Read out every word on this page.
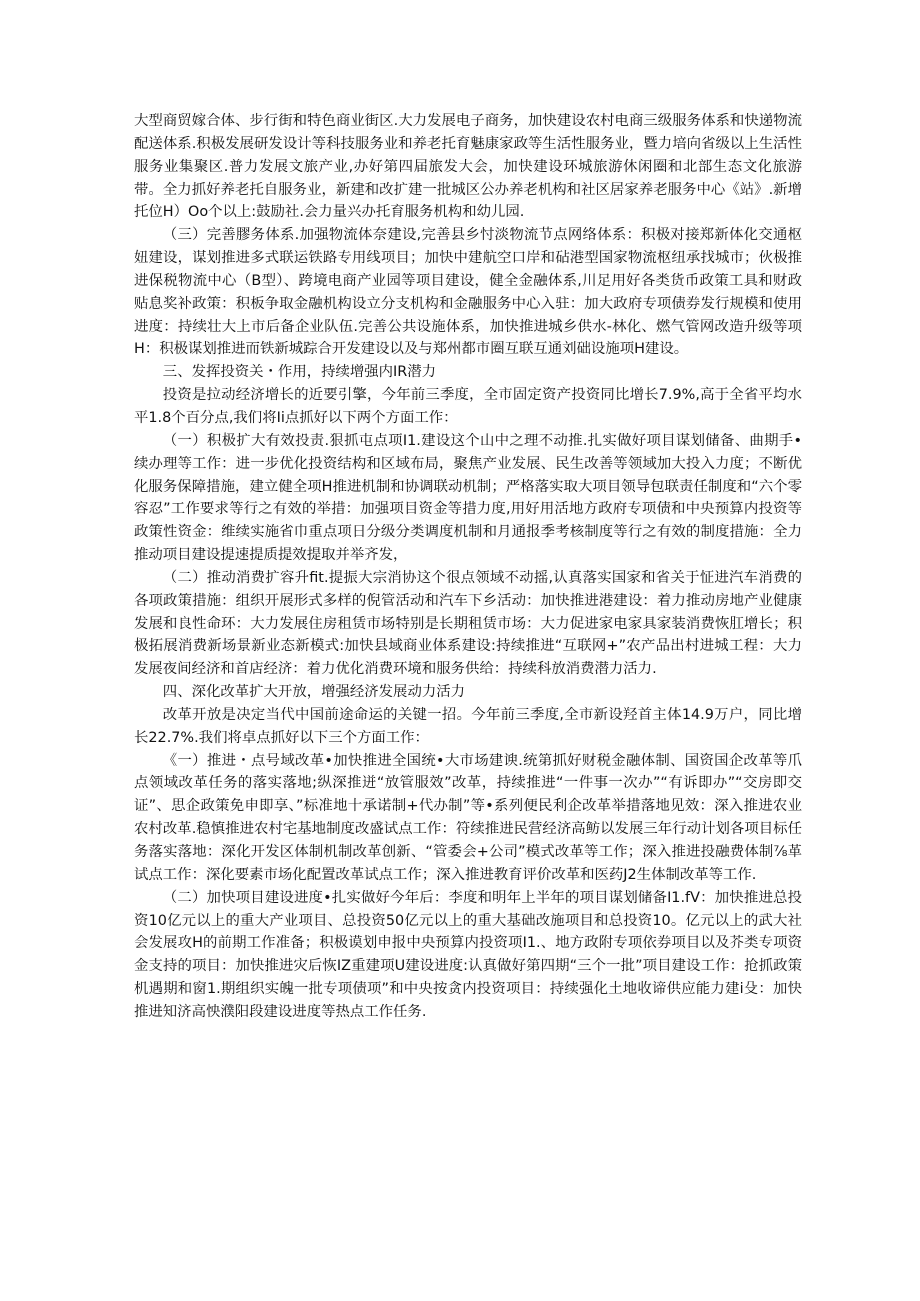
大型商贸嫁合体、步行街和特色商业街区.大力发展电子商务，加快建设农村电商三级服务体系和快递物流配送体系.积极发展研发设计等科技服务业和养老托育魅康家政等生活性服务业，暨力培向省级以上生活性服务业集聚区.普力发展文旅产业,办好第四届旅发大会，加快建设环城旅游休闲圈和北部生态文化旅游带。全力抓好养老托自服务业，新建和改扩建一批城区公办养老机构和社区居家养老服务中心《站》.新增托位H）Oo个以上:鼓励社.会力量兴办托育服务机构和幼儿园.

（三）完善膠务体系.加强物流体奈建设,完善县乡忖淡物流节点网络体系：积极对接郑新体化交通枢妞建设，谋划推进多式联运铁路专用线项目；加快中建航空口岸和砧港型国家物流枢纽承找城市；伙极推进保税物流中心（B型）、跨境电商产业园等项目建设，健全金融体系,川足用好各类货币政策工具和财政贴息奖补政策：积板争取金融机构设立分支机构和金融服务中心入驻：加大政府专项债券发行规模和使用进度：持续壮大上市后备企业队伍.完善公共设施体系，加快推进城乡供水-林化、燃气管网改造升级等项H：积极谋划推进而铁新城踪合开发建设以及与郑州都市圈互联互通刘础设施项H建设。

三、发挥投资关・作用，持续增强内IR潜力

投资是拉动经济增长的近要引擎，今年前三季度，全市固定资产投资同比增长7.9%,高于全省平均水平1.8个百分点,我们将Ii点抓好以下两个方面工作：

（一）积极扩大有效投责.狠抓屯点项I1.建设这个山中之理不动推.扎实做好项目谋划储备、曲期手•续办理等工作：进一步优化投资结构和区域布局，聚焦产业发展、民生改善等领域加大投入力度；不断优化服务保障措施，建立健全项H推进机制和协调联动机制；严格落实取大项目领导包联责任制度和“六个零容忍”工作要求等行之有效的举措：加强项目资金等措力度,用好用活地方政府专项债和中央预算内投资等政策性资金：维续实施省巾重点项日分级分类调度机制和月通报季考核制度等行之有效的制度措施：全力推动项目建设提速提质提效提取并举齐发，

（二）推动消费扩容升fit.提振大宗消协这个很点领域不动摇,认真落实国家和省关于怔进汽车消费的各项政策措施：组织开展形式多样的倪管活动和汽车下乡活动：加快推进港建设：着力推动房地产业健康发展和良性命环：大力发展住房租赁市场特别是长期租赁市场：大力促进家电家具家装消费恢肛增长；积极拓展消费新场景新业态新模式:加快县域商业体系建设:持续推进“互联网+”农产品出村进城工程：大力发展夜间经济和首店经济：着力优化消费环境和服务供给：持续科放消费潜力活力.

四、深化改革扩大开放，增强经济发展动力活力

改革开放是决定当代中国前途命运的关键一招。今年前三季度,全市新设羟首主体14.9万户，同比增长22.7%.我们将卓点抓好以下三个方面工作：

《一）推进・点号域改革•加快推进全国统•大市场建谀.统第抓好财税金融体制、国资国企改革等爪点领域改革任务的落实落地;纵深推迸“放管服效”改革，持续推进“一件事一次办”“有诉即办”“交房即交证”、思企政策免申即享、”标准地十承诺制+代办制”等•系列便民利企改革举措落地见效：深入推进农业农村改革.稳慎推进农村宅基地制度改盛试点工作：符续推进民营经济高鲂以发展三年行动计划各项目标任务落实落地：深化开发区体制机制改革创新、“管委会+公司”模式改革等工作；深入推进投融费体制⅞革试点工作：深化要素市场化配置改革试点工作；深入推进教育评价改革和医药J2生体制改革等工作.

（二）加快项目建设进度•扎实做好今年后：李度和明年上半年的项目谋划储备I1.fV：加快推进总投资10亿元以上的重大产业项目、总投资50亿元以上的重大基础改施项目和总投资10。亿元以上的武大社会发展攻H的前期工作准备；积极谟划申报中央预算内投资项I1.、地方政附专项依券项目以及芥类专项资金支持的项目：加快推进灾后恢IZ重建项U建设进度:认真做好第四期“三个一批”项目建设工作：抢抓政策机遇期和窗1.期组织实魄一批专项债项”和中央按贪内投资项目：持续强化土地收谛供应能力建i殳：加快推进知济高怏濮阳段建设进度等热点工作任务.
